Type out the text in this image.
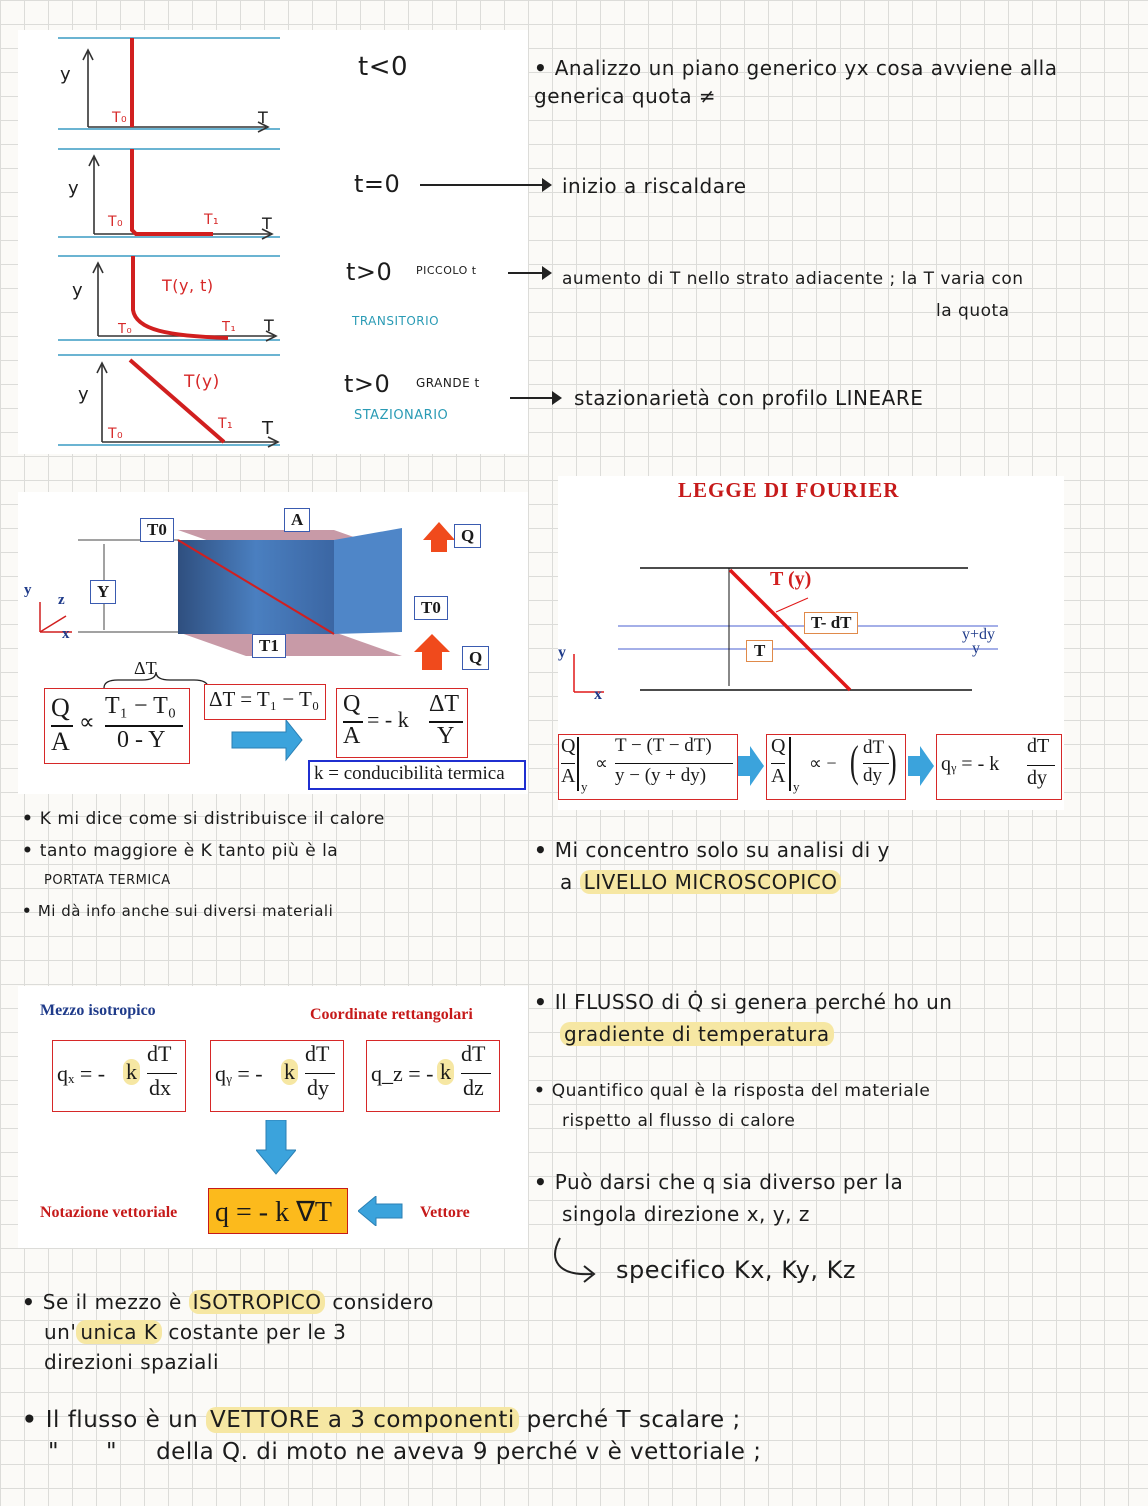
y
T
T₀
y
T
T₀	T₁
y
T
T₀	T₁
T(y, t)
y
T
T₀
T₁
T(y)
t<0
t=0
t>0 PICCOLO t
TRANSITORIO
t>0 GRANDE t
STAZIONARIO
• Analizzo un piano generico yx cosa avviene alla generica quota ≠
inizio a riscaldare
aumento di T nello strato adiacente ; la T varia con
la quota
stazionarietà con profilo LINEARE
T0
A
Q
Y
T0
T1
Q
y
z
x
ΔT
Q
A
∝
T₁ − T₀
0 - Y
ΔT = T₁ − T₀ Q
A
= - k
ΔT
Y
k = conducibilità termica
LEGGE DI FOURIER
T (y)
T- dT
T
y+dy
y
y
x
Q
A y
∝
T − (T − dT)
y − (y + dy)
Q
A y
∝ − ( dT
dy ) qᵧ = - k
dT
dy
• K mi dice come si distribuisce il calore
• tanto maggiore è K tanto più è la
PORTATA TERMICA
• Mi dà info anche sui diversi materiali
• Mi concentro solo su analisi di y
a LIVELLO MICROSCOPICO
Mezzo isotropico	Coordinate rettangolari
qₓ = - k
dT
dx
qᵧ = - k
dT
dy
q_z = - k
dT
dz
Notazione vettoriale q = - k ∇T	Vettore
• Il FLUSSO di Q̇ si genera perché ho un
gradiente di temperatura
• Quantifico qual è la risposta del materiale
rispetto al flusso di calore
• Può darsi che q sia diverso per la
singola direzione x, y, z
specifico Kx, Ky, Kz
• Se il mezzo è ISOTROPICO considero
un' unica K costante per le 3
direzioni spaziali
• Il flusso è un VETTORE a 3 componenti perché T scalare ;
"      "     della Q. di moto ne aveva 9 perché v è vettoriale ;
